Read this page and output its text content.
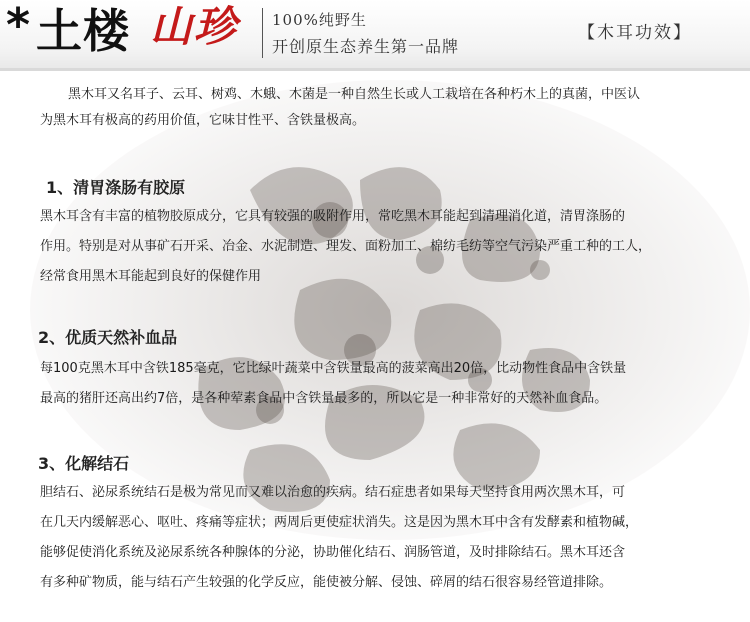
* 土楼 山珍 100%纯野生
开创原生态养生第一品牌
【木耳功效】

黑木耳又名耳子、云耳、树鸡、木蛾、木菌是一种自然生长或人工栽培在各种朽木上的真菌，中医认

为黑木耳有极高的药用价值，它味甘性平、含铁量极高。

1、清胃涤肠有胶原

黑木耳含有丰富的植物胶原成分，它具有较强的吸附作用，常吃黑木耳能起到清理消化道，清胃涤肠的

作用。特别是对从事矿石开采、冶金、水泥制造、理发、面粉加工、棉纺毛纺等空气污染严重工种的工人，

经常食用黑木耳能起到良好的保健作用

2、优质天然补血品

每100克黑木耳中含铁185毫克，它比绿叶蔬菜中含铁量最高的菠菜高出20倍，比动物性食品中含铁量

最高的猪肝还高出约7倍，是各种荤素食品中含铁量最多的，所以它是一种非常好的天然补血食品。

3、化解结石

胆结石、泌尿系统结石是极为常见而又难以治愈的疾病。结石症患者如果每天坚持食用两次黑木耳，可

在几天内缓解恶心、呕吐、疼痛等症状；两周后更使症状消失。这是因为黑木耳中含有发酵素和植物碱，

能够促使消化系统及泌尿系统各种腺体的分泌，协助催化结石、润肠管道，及时排除结石。黑木耳还含

有多种矿物质，能与结石产生较强的化学反应，能使被分解、侵蚀、碎屑的结石很容易经管道排除。
